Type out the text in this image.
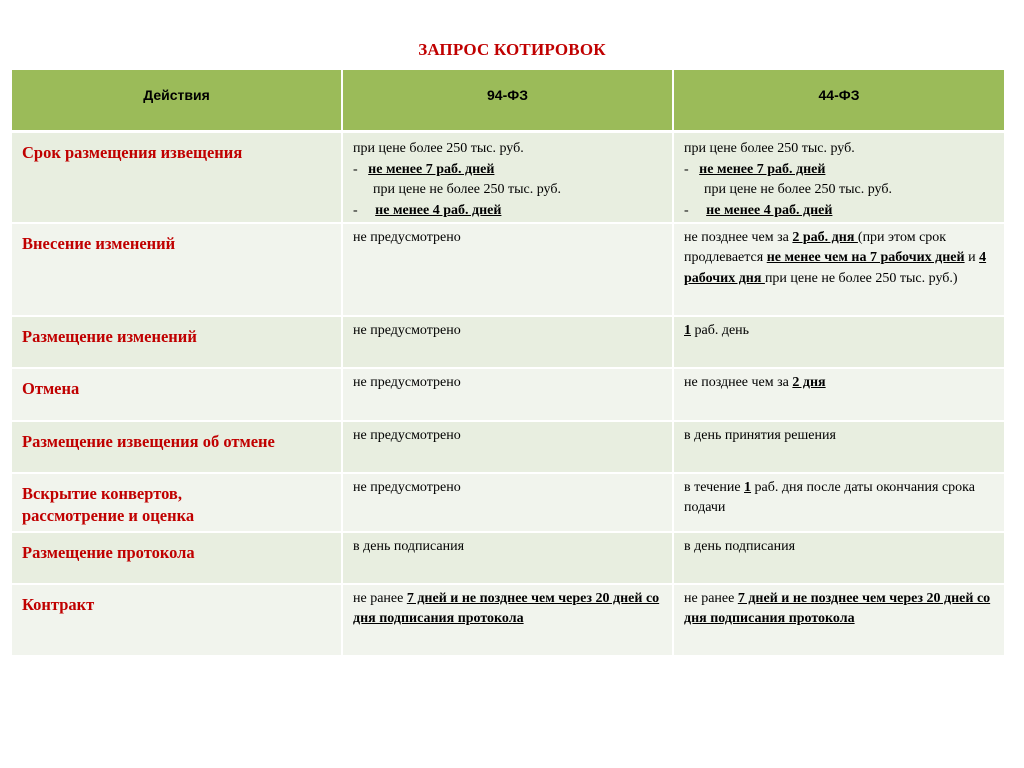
ЗАПРОС КОТИРОВОК
Действия	94-ФЗ	44-ФЗ
Срок размещения извещения	при цене более 250 тыс. руб.
- не менее 7 раб. дней
при цене не более 250 тыс. руб.
- не менее 4 раб. дней	при цене более 250 тыс. руб.
- не менее 7 раб. дней
при цене не более 250 тыс. руб.
- не менее 4 раб. дней

Внесение изменений	не предусмотрено	не позднее чем за 2 раб. дня (при этом срок продлевается не менее чем на 7 рабочих дней и 4 рабочих дня при цене не более 250 тыс. руб.)
Размещение изменений	не предусмотрено	1 раб. день
Отмена	не предусмотрено	не позднее чем за 2 дня
Размещение извещения об отмене	не предусмотрено	в день принятия решения

Вскрытие конвертов,
рассмотрение и оценка	не предусмотрено	в течение 1 раб. дня после даты окончания срока подачи
Размещение протокола	в день подписания	в день подписания
Контракт	не ранее 7 дней и не позднее чем через 20 дней со дня подписания протокола	не ранее 7 дней и не позднее чем через 20 дней со дня подписания протокола
